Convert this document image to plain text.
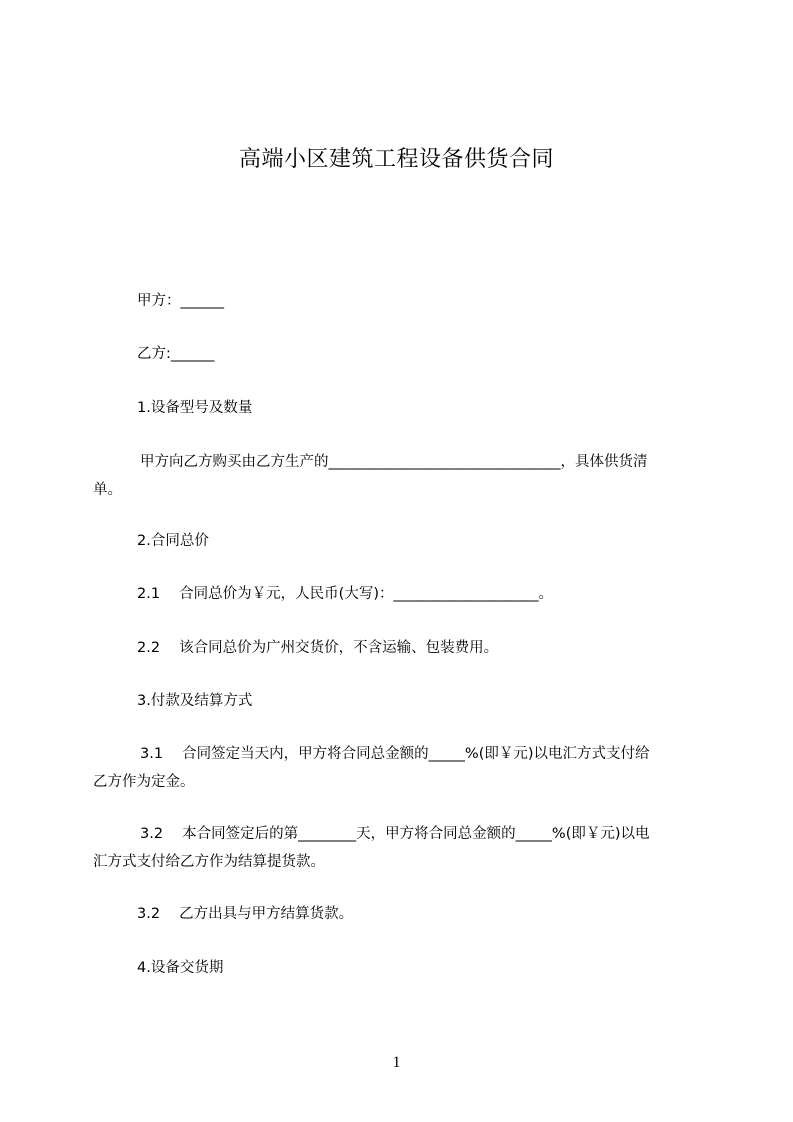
高端小区建筑工程设备供货合同
甲方：______
乙方:______
1.设备型号及数量
甲方向乙方购买由乙方生产的________________________________，具体供货清
单。
2.合同总价
2.1　 合同总价为￥元，人民币(大写)：____________________。
2.2　 该合同总价为广州交货价，不含运输、包装费用。
3.付款及结算方式
3.1　 合同签定当天内，甲方将合同总金额的_____%(即￥元)以电汇方式支付给
乙方作为定金。
3.2　 本合同签定后的第________天，甲方将合同总金额的_____%(即￥元)以电
汇方式支付给乙方作为结算提货款。
3.2　 乙方出具与甲方结算货款。
4.设备交货期
1
